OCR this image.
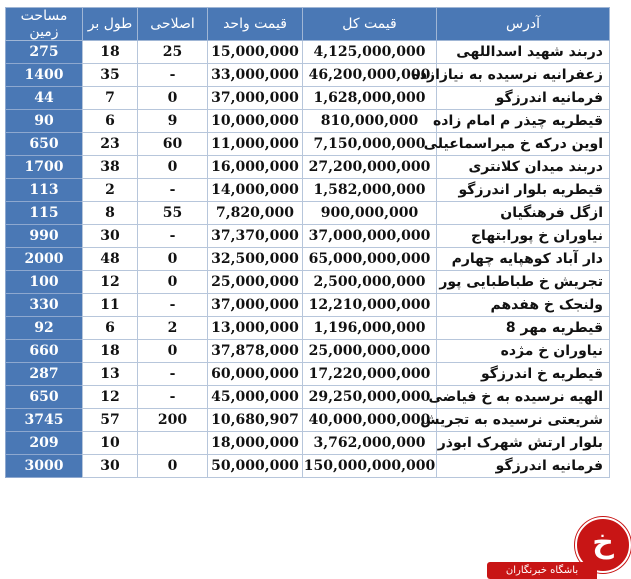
آدرس	قیمت کل	قیمت واحد	اصلاحی	طول بر	مساحت زمین
دربند شهید اسداللهی	4,125,000,000	15,000,000	25	18	275
زعفرانیه نرسیده به نیازازده	46,200,000,000	33,000,000	-	35	1400
فرمانیه اندرزگو	1,628,000,000	37,000,000	0	7	44
قیطریه چیذر م امام زاده	810,000,000	10,000,000	9	6	90
اوین درکه خ میراسماعیلی	7,150,000,000	11,000,000	60	23	650
دربند میدان کلانتری	27,200,000,000	16,000,000	0	38	1700
قیطریه بلوار اندرزگو	1,582,000,000	14,000,000	-	2	113
ازگل فرهنگیان	900,000,000	7,820,000	55	8	115
نیاوران خ پورابتهاج	37,000,000,000	37,370,000	-	30	990
دار آباد کوهپایه چهارم	65,000,000,000	32,500,000	0	48	2000
تجریش خ طباطبایی پور	2,500,000,000	25,000,000	0	12	100
ولنجک خ هفدهم	12,210,000,000	37,000,000	-	11	330
قیطریه مهر 8	1,196,000,000	13,000,000	2	6	92
نیاوران خ مژده	25,000,000,000	37,878,000	0	18	660
قیطریه خ اندرزگو	17,220,000,000	60,000,000	-	13	287
الهیه نرسیده به خ فیاضی	29,250,000,000	45,000,000	-	12	650
شریعتی نرسیده به تجریش	40,000,000,000	10,680,907	200	57	3745
بلوار ارتش شهرک ابوذر	3,762,000,000	18,000,000		10	209
فرمانیه اندرزگو	150,000,000,000	50,000,000	0	30	3000
خ
باشگاه خبرنگاران
